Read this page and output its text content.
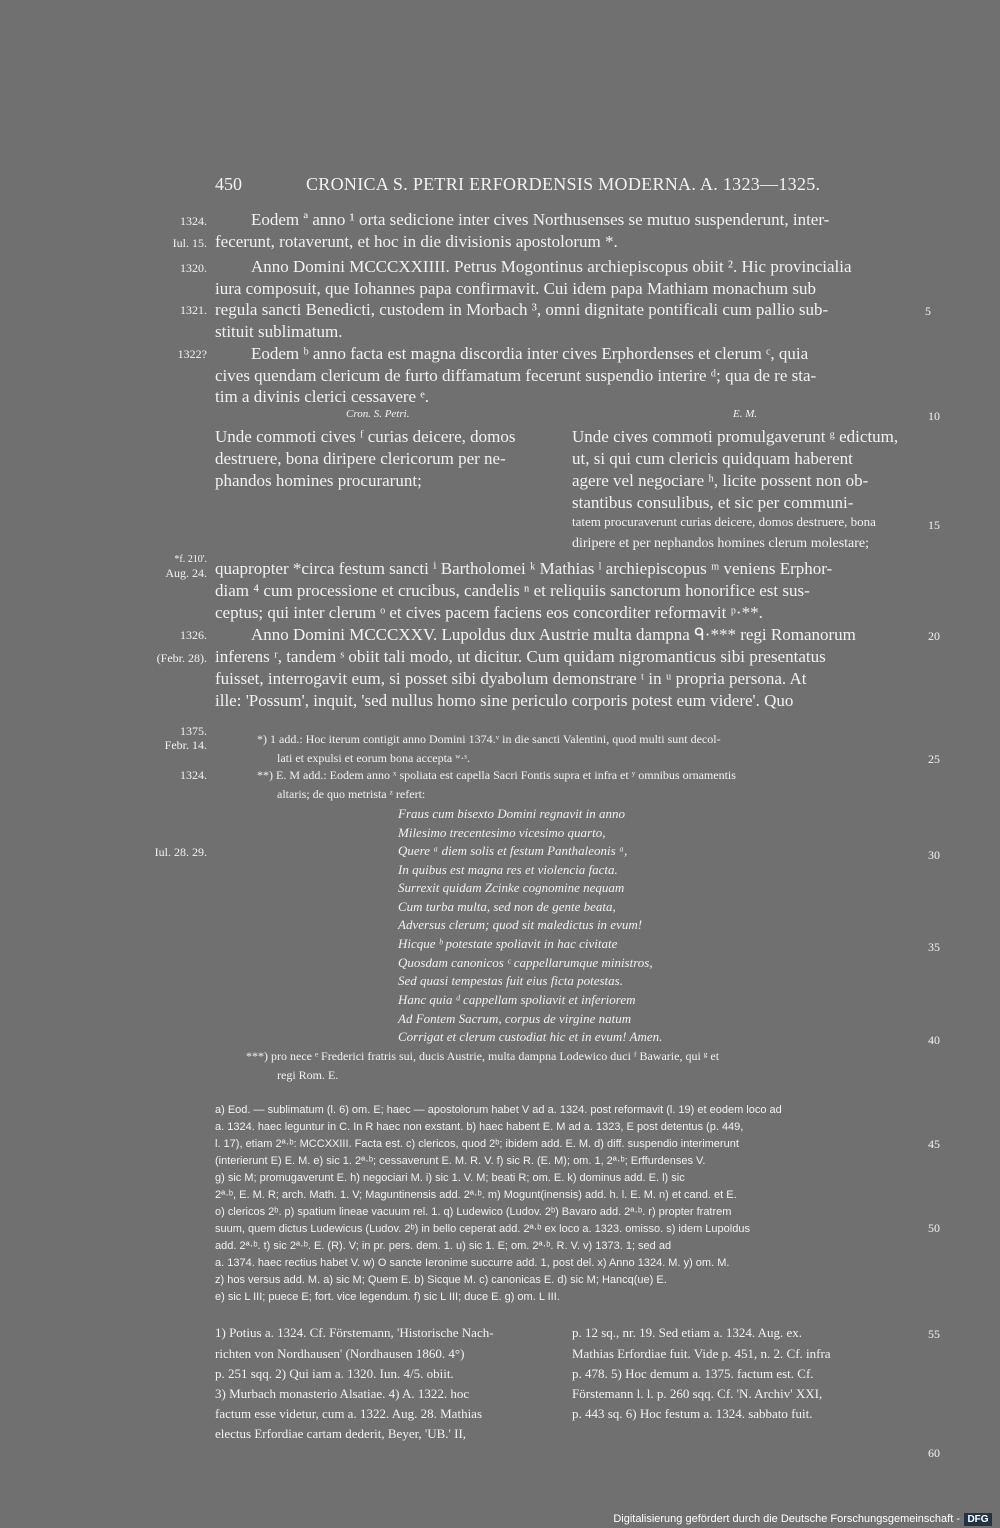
450	CRONICA S. PETRI ERFORDENSIS MODERNA. A. 1323—1325.
1324.
Iul. 15.
1320.
1321.
1322?
*f. 210'.
Aug. 24.
1326.
(Febr. 28).
1375.
Febr. 14.
1324.
Iul. 28. 29.
5
10
15
20
25
30
35
40
45
50
55
60
Eodem ª anno ¹ orta sedicione inter cives Northusenses se mutuo suspenderunt, inter-
fecerunt, rotaverunt, et hoc in die divisionis apostolorum *.
Anno Domini MCCCXXIIII. Petrus Mogontinus archiepiscopus obiit ². Hic provincialia
iura composuit, que Iohannes papa confirmavit. Cui idem papa Mathiam monachum sub
regula sancti Benedicti, custodem in Morbach ³, omni dignitate pontificali cum pallio sub-
stituit sublimatum.
Eodem ᵇ anno facta est magna discordia inter cives Erphordenses et clerum ᶜ, quia
cives quendam clericum de furto diffamatum fecerunt suspendio interire ᵈ; qua de re sta-
tim a divinis clerici cessavere ᵉ.
Cron. S. Petri.	E. M.
Unde commoti cives ᶠ curias deicere, domos
destruere, bona diripere clericorum per ne-
phandos homines procurarunt;
Unde cives commoti promulgaverunt ᵍ edictum,
ut, si qui cum clericis quidquam haberent
agere vel negociare ʰ, licite possent non ob-
stantibus consulibus, et sic per communi-
tatem procuraverunt curias deicere, domos destruere, bona
diripere et per nephandos homines clerum molestare;
quapropter *circa festum sancti ⁱ Bartholomei ᵏ Mathias ˡ archiepiscopus ᵐ veniens Erphor-
diam ⁴ cum processione et crucibus, candelis ⁿ et reliquiis sanctorum honorifice est sus-
ceptus; qui inter clerum ᵒ et cives pacem faciens eos concorditer reformavit ᵖ·**.
Anno Domini MCCCXXV. Lupoldus dux Austrie multa dampna ᑫ·*** regi Romanorum
inferens ʳ, tandem ˢ obiit tali modo, ut dicitur. Cum quidam nigromanticus sibi presentatus
fuisset, interrogavit eum, si posset sibi dyabolum demonstrare ᵗ in ᵘ propria persona. At
ille: 'Possum', inquit, 'sed nullus homo sine periculo corporis potest eum videre'. Quo
*) 1 add.: Hoc iterum contigit anno Domini 1374.ᵛ in die sancti Valentini, quod multi sunt decol-
lati et expulsi et eorum bona accepta ʷ·ˢ.
**) E. M add.: Eodem anno ˣ spoliata est capella Sacri Fontis supra et infra et ʸ omnibus ornamentis
altaris; de quo metrista ᶻ refert:
Fraus cum bisexto Domini regnavit in anno
Milesimo trecentesimo vicesimo quarto,
Quere ᵃ diem solis et festum Panthaleonis ᵃ,
In quibus est magna res et violencia facta.
Surrexit quidam Zcinke cognomine nequam
Cum turba multa, sed non de gente beata,
Adversus clerum; quod sit maledictus in evum!
Hicque ᵇ potestate spoliavit in hac civitate
Quosdam canonicos ᶜ cappellarumque ministros,
Sed quasi tempestas fuit eius ficta potestas.
Hanc quia ᵈ cappellam spoliavit et inferiorem
Ad Fontem Sacrum, corpus de virgine natum
Corrigat et clerum custodiat hic et in evum! Amen.
***) pro nece ᵉ Frederici fratris sui, ducis Austrie, multa dampna Lodewico duci ᶠ Bawarie, qui ᵍ et
regi Rom. E.
a) Eod. — sublimatum (l. 6) om. E; haec — apostolorum habet V ad a. 1324. post reformavit (l. 19) et eodem loco ad
a. 1324. haec leguntur in C. In R haec non exstant. b) haec habent E. M ad a. 1323, E post detentus (p. 449,
l. 17), etiam 2ª·ᵇ: MCCXXIII. Facta est. c) clericos, quod 2ᵇ; ibidem add. E. M. d) diff. suspendio interimerunt
(interierunt E) E. M. e) sic 1. 2ª·ᵇ; cessaverunt E. M. R. V. f) sic R. (E. M); om. 1, 2ª·ᵇ; Erffurdenses V.
g) sic M; promugaverunt E. h) negociari M. i) sic 1. V. M; beati R; om. E. k) dominus add. E. l) sic
2ª·ᵇ, E. M. R; arch. Math. 1. V; Maguntinensis add. 2ª·ᵇ. m) Mogunt(inensis) add. h. l. E. M. n) et cand. et E.
o) clericos 2ᵇ. p) spatium lineae vacuum rel. 1. q) Ludewico (Ludov. 2ᵇ) Bavaro add. 2ª·ᵇ. r) propter fratrem
suum, quem dictus Ludewicus (Ludov. 2ᵇ) in bello ceperat add. 2ª·ᵇ ex loco a. 1323. omisso. s) idem Lupoldus
add. 2ª·ᵇ. t) sic 2ª·ᵇ. E. (R). V; in pr. pers. dem. 1. u) sic 1. E; om. 2ª·ᵇ. R. V. v) 1373. 1; sed ad
a. 1374. haec rectius habet V. w) O sancte Ieronime succurre add. 1, post del. x) Anno 1324. M. y) om. M.
z) hos versus add. M. a) sic M; Quem E. b) Sicque M. c) canonicas E. d) sic M; Hancq(ue) E.
e) sic L III; puece E; fort. vice legendum. f) sic L III; duce E. g) om. L III.
1) Potius a. 1324. Cf. Förstemann, 'Historische Nach-
richten von Nordhausen' (Nordhausen 1860. 4°)
p. 251 sqq. 2) Qui iam a. 1320. Iun. 4/5. obiit.
3) Murbach monasterio Alsatiae. 4) A. 1322. hoc
factum esse videtur, cum a. 1322. Aug. 28. Mathias
electus Erfordiae cartam dederit, Beyer, 'UB.' II,
p. 12 sq., nr. 19. Sed etiam a. 1324. Aug. ex.
Mathias Erfordiae fuit. Vide p. 451, n. 2. Cf. infra
p. 478. 5) Hoc demum a. 1375. factum est. Cf.
Förstemann l. l. p. 260 sqq. Cf. 'N. Archiv' XXI,
p. 443 sq. 6) Hoc festum a. 1324. sabbato fuit.
Digitalisierung gefördert durch die Deutsche Forschungsgemeinschaft - DFG
